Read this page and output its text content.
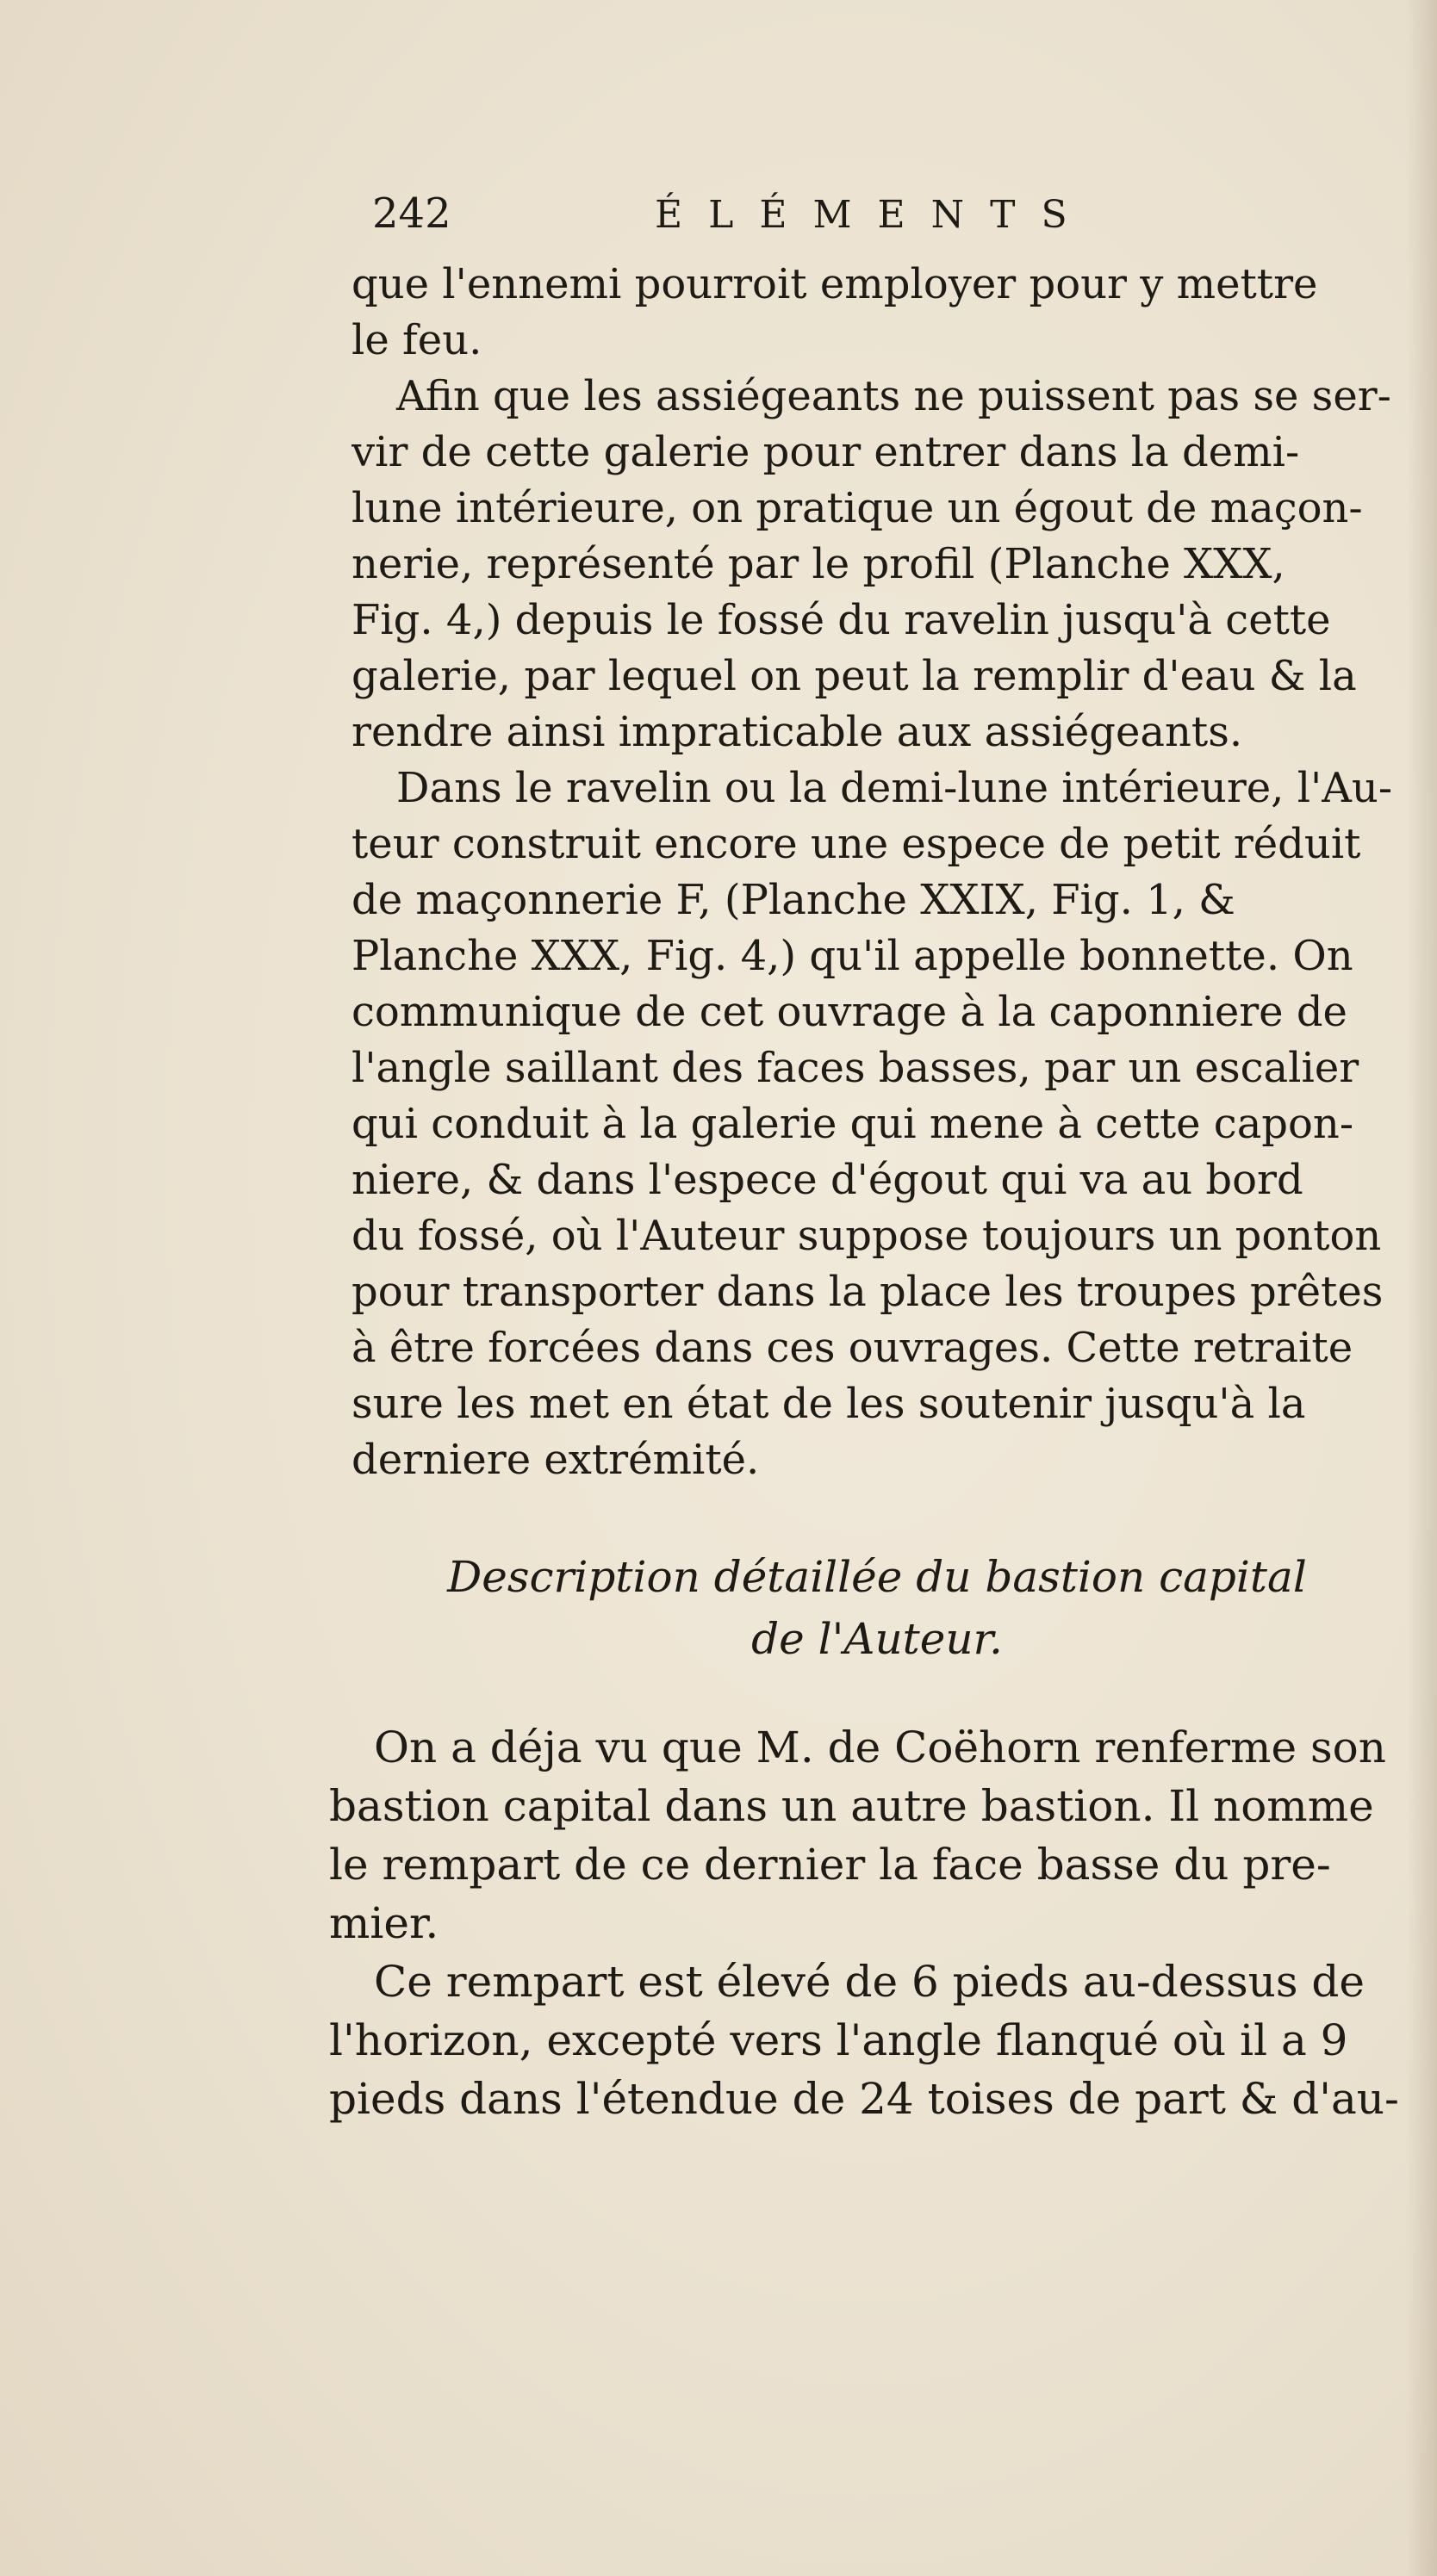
242	ÉLÉMENTS
que l'ennemi pourroit employer pour y mettre
le feu.
Afin que les assiégeants ne puissent pas se ser-
vir de cette galerie pour entrer dans la demi-
lune intérieure, on pratique un égout de maçon-
nerie, représenté par le profil (Planche XXX,
Fig. 4,) depuis le fossé du ravelin jusqu'à cette
galerie, par lequel on peut la remplir d'eau & la
rendre ainsi impraticable aux assiégeants.
Dans le ravelin ou la demi-lune intérieure, l'Au-
teur construit encore une espece de petit réduit
de maçonnerie F, (Planche XXIX, Fig. 1, &
Planche XXX, Fig. 4,) qu'il appelle bonnette. On
communique de cet ouvrage à la caponniere de
l'angle saillant des faces basses, par un escalier
qui conduit à la galerie qui mene à cette capon-
niere, & dans l'espece d'égout qui va au bord
du fossé, où l'Auteur suppose toujours un ponton
pour transporter dans la place les troupes prêtes
à être forcées dans ces ouvrages. Cette retraite
sure les met en état de les soutenir jusqu'à la
derniere extrémité.
Description détaillée du bastion capital
de l'Auteur.
On a déja vu que M. de Coëhorn renferme son
bastion capital dans un autre bastion. Il nomme
le rempart de ce dernier la face basse du pre-
mier.
Ce rempart est élevé de 6 pieds au-dessus de
l'horizon, excepté vers l'angle flanqué où il a 9
pieds dans l'étendue de 24 toises de part & d'au-
